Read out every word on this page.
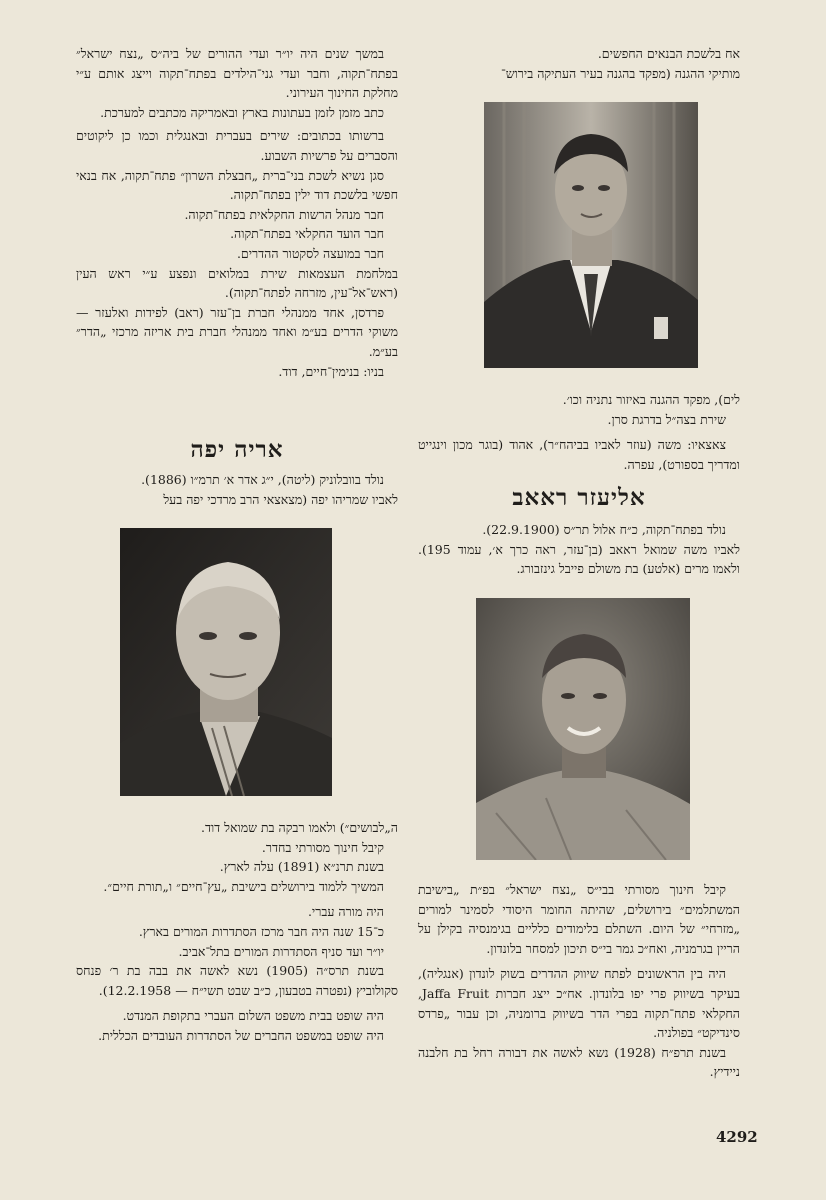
אח בלשכת הבנאים החפשים.

מותיקי ההגנה (מפקד בהגנה בעיר העתיקה בירוש־

לים), מפקד ההגנה באיזור נתניה וכו׳.

שירת בצה״ל בדרגת סרן.

צאצאיו: משה (עוזר לאביו בביהח״ר), אהוד (בוגר מכון וינגייט ומדריך בספורט), עפרה.

אליעזר ראאב

נולד בפתח־תקוה, כ״ח אלול תר״ס (22.9.1900).

לאביו משה שמואל ראאב (בן־עזר, ראה כרך א׳, עמוד 195). ולאמו מרים (אלטע) בת משולם פייבל גינזבורג.

קיבל חינוך מסורתי בבי״ס „נצח ישראל״ בפ״ת „בישיבת המשתלמים״ בירושלים, שהיתה החומר היסודי לסמינר למורים „מזרחי״ של היום. השתלם בלימודים כלליים בגימנסיה בקילן על הריין בגרמניה, ואח״כ גמר בי״ס תיכון למסחר בלונדון.

היה בין הראשונים לפתח שיווק ההדרים בשוק לונדון (אנגליה), בעיקר בשיווק פרי יפו בלונדון. אח״כ ייצג חברות Jaffa Fruit, החקלאי פתח־תקוה בפרי הדר בשיווק ברומניה, וכן עבור „פרדס סינדיקט״ בפולניה.

בשנת תרפ״ח (1928) נשא לאשה את דבורה רחל בת חלבנה ניידיץ.

במשך שנים היה יו״ר ועדי ההורים של ביה״ס „נצח ישראל״ בפתח־תקוה, וחבר ועדי גני־הילדים בפתח־תקוה וייצג אותם ע״י מחלקת החינוך העירוני.

כתב מזמן לזמן בעתונות בארץ ובאמריקה מכתבים למערכת.

ברשותו בכתובים: שירים בעברית ובאנגלית וכמו כן ליקוטים והסברים על פרשיות השבוע.

סגן נשיא לשכת בני־ברית „חבצלת השרון״ פתח־תקוה, אח בנאי חפשי בלשכת דוד ילין בפתח־תקוה.

חבר מנהל הרשות החקלאית בפתח־תקוה.

חבר הועד החקלאי בפתח־תקוה.

חבר במועצה לסקטור ההדרים.

במלחמת העצמאות שירת במלואים ונפצע ע״י ראש העין (ראש־אל־עין, מזרחה לפתח־תקוה).

פרדסן, אחד ממנהלי חברת בן־עזר (ראב) לפידות ואלעזר — משוקי הדרים בע״מ ואחד ממנהלי חברת בית אריזה מרכזי „הדר״ בע״מ.

בניו: בנימין־חיים, דוד.

אריה יפה

נולד בוובלוניק (ליטה), י״ג אדר א׳ תרמ״ו (1886).

לאביו שמריהו יפה (מצאצאי הרב מרדכי יפה בעל

ה„לבושים״) ולאמו רבקה בת שמואל דוד.

קיבל חינוך מסורתי בחדר.

בשנת תרנ״א (1891) עלה לארץ.

המשיך ללמוד בירושלים בישיבת „עץ־חיים״ ו„תורת חיים״.

היה מורה עברי.

כ־15 שנה היה חבר מרכז הסתדרות המורים בארץ.

יו״ר ועד סניף הסתדרות המורים בתל־אביב.

בשנת תרס״ה (1905) נשא לאשה את בבה בת ר׳ פנחס סקולוביץ (נפטרה בטבעון, כ״ב שבט תשי״ח — 12.2.1958).

היה שופט בבית משפט השלום העברי בתקופת המנדט.

היה שופט במשפט החברים של הסתדרות העובדים הכללית.

4292
